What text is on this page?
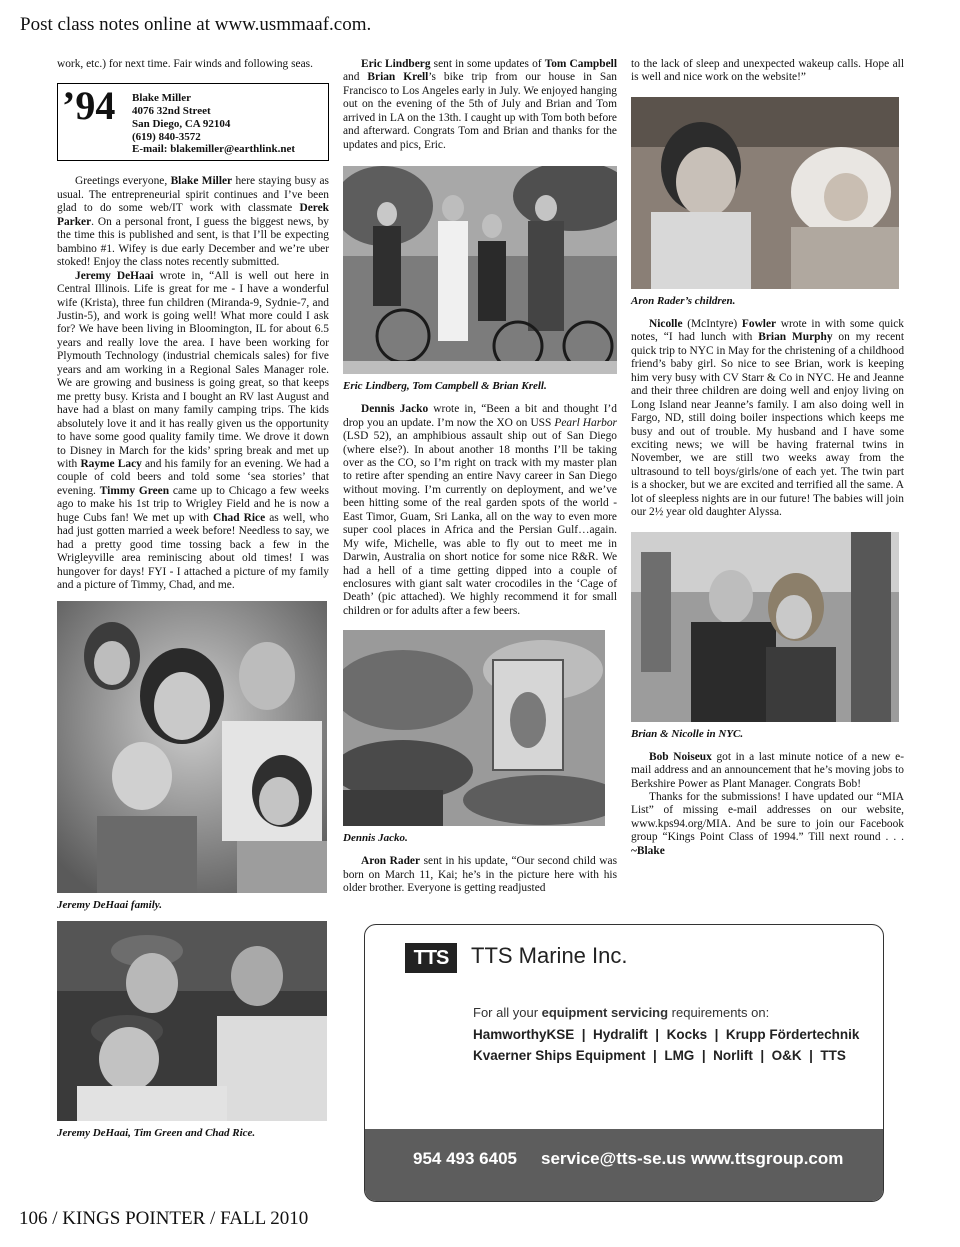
Post class notes online at www.usmmaaf.com.

work, etc.) for next time. Fair winds and following seas.

’94 Blake Miller
4076 32nd Street
San Diego, CA 92104
(619) 840-3572
E-mail: blakemiller@earthlink.net

Greetings everyone, Blake Miller here staying busy as usual. The entrepreneurial spirit continues and I’ve been glad to do some web/IT work with classmate Derek Parker. On a personal front, I guess the biggest news, by the time this is published and sent, is that I’ll be expecting bambino #1. Wifey is due early December and we’re uber stoked! Enjoy the class notes recently submitted.

Jeremy DeHaai wrote in, “All is well out here in Central Illinois. Life is great for me - I have a wonderful wife (Krista), three fun children (Miranda-9, Sydnie-7, and Justin-5), and work is going well! What more could I ask for? We have been living in Bloomington, IL for about 6.5 years and really love the area. I have been working for Plymouth Technology (industrial chemicals sales) for five years and am working in a Regional Sales Manager role. We are growing and business is going great, so that keeps me pretty busy. Krista and I bought an RV last August and have had a blast on many family camping trips. The kids absolutely love it and it has really given us the opportunity to have some good quality family time. We drove it down to Disney in March for the kids’ spring break and met up with Rayme Lacy and his family for an evening. We had a couple of cold beers and told some ‘sea stories’ that evening. Timmy Green came up to Chicago a few weeks ago to make his 1st trip to Wrigley Field and he is now a huge Cubs fan! We met up with Chad Rice as well, who had just gotten married a week before! Needless to say, we had a pretty good time tossing back a few in the Wrigleyville area reminiscing about old times! I was hungover for days! FYI - I attached a picture of my family and a picture of Timmy, Chad, and me.

Jeremy DeHaai family.

Jeremy DeHaai, Tim Green and Chad Rice.

Eric Lindberg sent in some updates of Tom Campbell and Brian Krell’s bike trip from our house in San Francisco to Los Angeles early in July. We enjoyed hanging out on the evening of the 5th of July and Brian and Tom arrived in LA on the 13th. I caught up with Tom both before and afterward. Congrats Tom and Brian and thanks for the updates and pics, Eric.

Eric Lindberg, Tom Campbell & Brian Krell.

Dennis Jacko wrote in, “Been a bit and thought I’d drop you an update. I’m now the XO on USS Pearl Harbor (LSD 52), an amphibious assault ship out of San Diego (where else?). In about another 18 months I’ll be taking over as the CO, so I’m right on track with my master plan to retire after spending an entire Navy career in San Diego without moving. I’m currently on deployment, and we’ve been hitting some of the real garden spots of the world - East Timor, Guam, Sri Lanka, all on the way to even more super cool places in Africa and the Persian Gulf…again. My wife, Michelle, was able to fly out to meet me in Darwin, Australia on short notice for some nice R&R. We had a hell of a time getting dipped into a couple of enclosures with giant salt water crocodiles in the ‘Cage of Death’ (pic attached). We highly recommend it for small children or for adults after a few beers.

Dennis Jacko.

Aron Rader sent in his update, “Our second child was born on March 11, Kai; he’s in the picture here with his older brother. Everyone is getting readjusted

to the lack of sleep and unexpected wakeup calls. Hope all is well and nice work on the website!”

Aron Rader’s children.

Nicolle (McIntyre) Fowler wrote in with some quick notes, “I had lunch with Brian Murphy on my recent quick trip to NYC in May for the christening of a childhood friend’s baby girl. So nice to see Brian, work is keeping him very busy with CV Starr & Co in NYC. He and Jeanne and their three children are doing well and enjoy living on Long Island near Jeanne’s family. I am also doing well in Fargo, ND, still doing boiler inspections which keeps me busy and out of trouble. My husband and I have some exciting news; we will be having fraternal twins in November, we are still two weeks away from the ultrasound to tell boys/girls/one of each yet. The twin part is a shocker, but we are excited and terrified all the same. A lot of sleepless nights are in our future! The babies will join our 2½ year old daughter Alyssa.

Brian & Nicolle in NYC.

Bob Noiseux got in a last minute notice of a new e-mail address and an announcement that he’s moving jobs to Berkshire Power as Plant Manager. Congrats Bob!

Thanks for the submissions! I have updated our “MIA List” of missing e-mail addresses on our website, www.kps94.org/MIA. And be sure to join our Facebook group “Kings Point Class of 1994.” Till next round . . . ~Blake

TTS	TTS Marine Inc.
For all your equipment servicing requirements on:
HamworthyKSE  |  Hydralift  |  Kocks  |  Krupp Fördertechnik
Kvaerner Ships Equipment  |  LMG  |  Norlift  |  O&K  |  TTS
954 493 6405 service@tts-se.us www.ttsgroup.com
106 / KINGS POINTER / FALL 2010
